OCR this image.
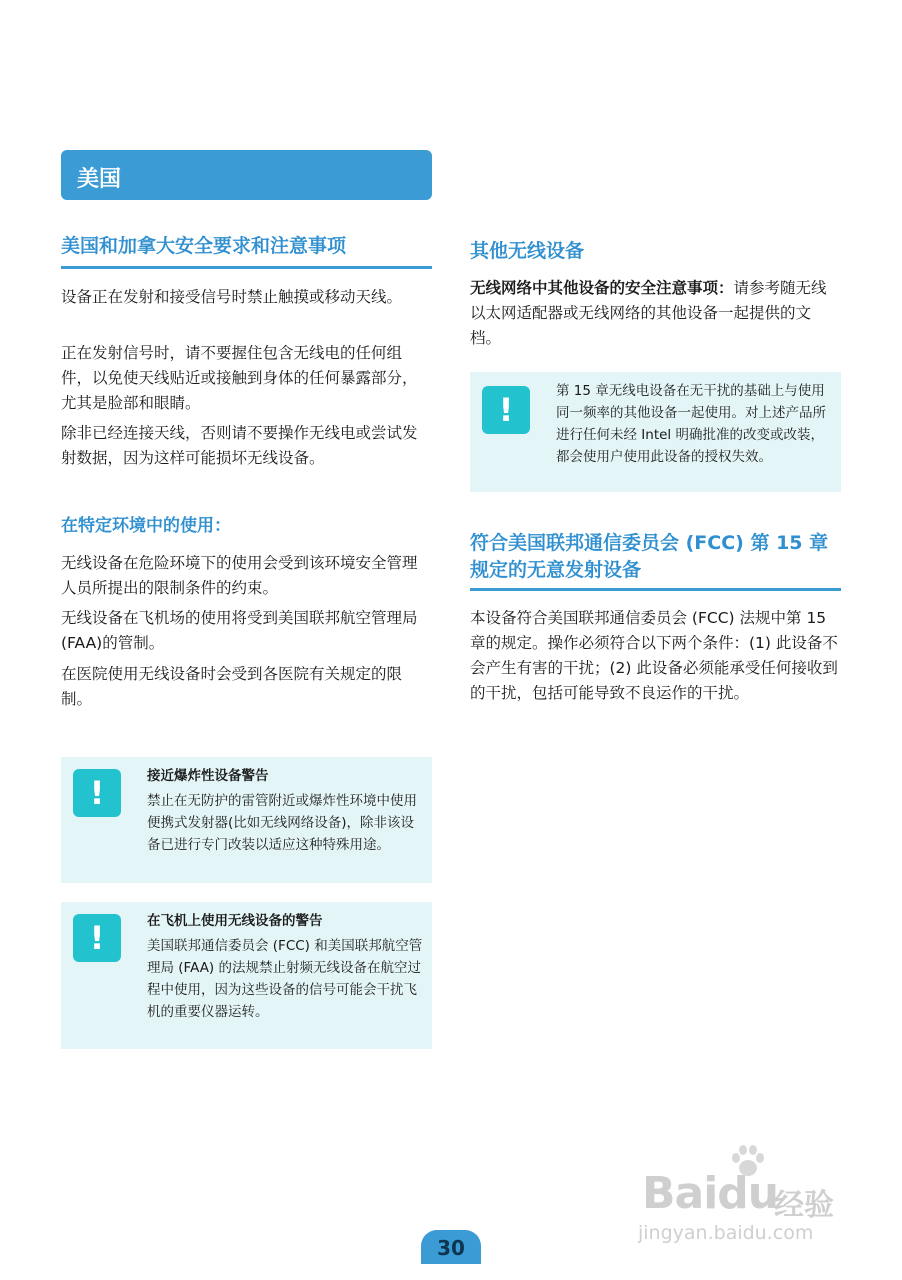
美国
美国和加拿大安全要求和注意事项

设备正在发射和接受信号时禁止触摸或移动天线。

正在发射信号时，请不要握住包含无线电的任何组件，以免使天线贴近或接触到身体的任何暴露部分，尤其是脸部和眼睛。

除非已经连接天线，否则请不要操作无线电或尝试发射数据，因为这样可能损坏无线设备。

在特定环境中的使用：

无线设备在危险环境下的使用会受到该环境安全管理人员所提出的限制条件的约束。

无线设备在飞机场的使用将受到美国联邦航空管理局 (FAA)的管制。

在医院使用无线设备时会受到各医院有关规定的限制。

!	接近爆炸性设备警告

禁止在无防护的雷管附近或爆炸性环境中使用便携式发射器(比如无线网络设备)，除非该设备已进行专门改装以适应这种特殊用途。

!	在飞机上使用无线设备的警告

美国联邦通信委员会 (FCC) 和美国联邦航空管理局 (FAA) 的法规禁止射频无线设备在航空过程中使用，因为这些设备的信号可能会干扰飞机的重要仪器运转。

其他无线设备

无线网络中其他设备的安全注意事项：请参考随无线以太网适配器或无线网络的其他设备一起提供的文档。

!	第 15 章无线电设备在无干扰的基础上与使用同一频率的其他设备一起使用。对上述产品所进行任何未经 Intel 明确批准的改变或改装，都会使用户使用此设备的授权失效。

符合美国联邦通信委员会 (FCC) 第 15 章规定的无意发射设备

本设备符合美国联邦通信委员会 (FCC) 法规中第 15 章的规定。操作必须符合以下两个条件：(1) 此设备不会产生有害的干扰；(2) 此设备必须能承受任何接收到的干扰，包括可能导致不良运作的干扰。

Baidu
经验
jingyan.baidu.com
30
